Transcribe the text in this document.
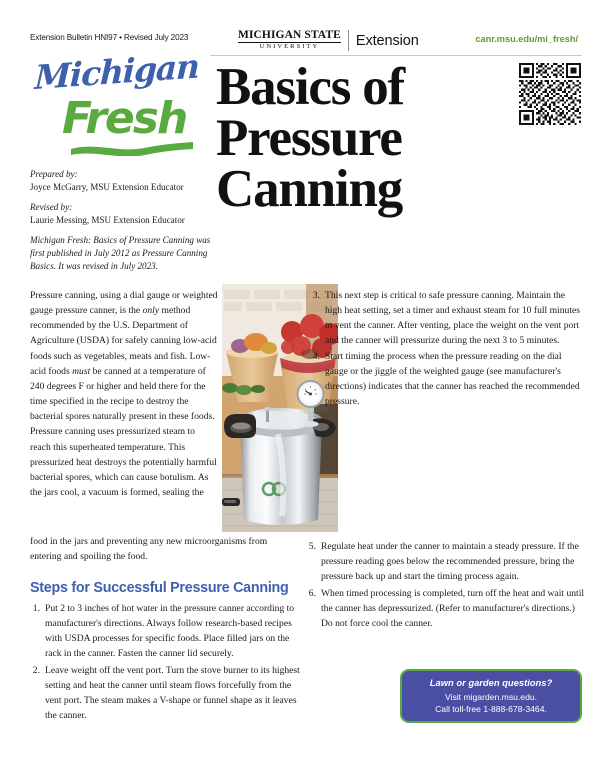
Extension Bulletin HNI97 • Revised July 2023	MICHIGAN STATE
UNIVERSITY	Extension	canr.msu.edu/mi_fresh/
Michigan
Fresh
Prepared by:
Joyce McGarry, MSU Extension Educator
Revised by:
Laurie Messing, MSU Extension Educator
Michigan Fresh: Basics of Pressure Canning was first published in July 2012 as Pressure Canning Basics. It was revised in July 2023.
Basics of Pressure Canning

Pressure canning, using a dial gauge or weighted gauge pressure canner, is the only method recommended by the U.S. Department of Agriculture (USDA) for safely canning low-acid foods such as vegetables, meats and fish. Low-acid foods must be canned at a temperature of 240 degrees F or higher and held there for the time specified in the recipe to destroy the bacterial spores naturally present in these foods. Pressure canning uses pressurized steam to reach this superheated temperature. This pressurized heat destroys the potentially harmful bacterial spores, which can cause botulism. As the jars cool, a vacuum is formed, sealing the

food in the jars and preventing any new microorganisms from entering and spoiling the food.

Steps for Successful Pressure Canning
1. Put 2 to 3 inches of hot water in the pressure canner according to manufacturer's directions. Always follow research-based recipes with USDA processes for specific foods. Place filled jars on the rack in the canner. Fasten the canner lid securely.
2. Leave weight off the vent port. Turn the stove burner to its highest setting and heat the canner until steam flows forcefully from the vent port. The steam makes a V-shape or funnel shape as it leaves the canner.
3. This next step is critical to safe pressure canning. Maintain the high heat setting, set a timer and exhaust steam for 10 full minutes to vent the canner. After venting, place the weight on the vent port and the canner will pressurize during the next 3 to 5 minutes.
4. Start timing the process when the pressure reading on the dial gauge or the jiggle of the weighted gauge (see manufacturer's directions) indicates that the canner has reached the recommended pressure.
5. Regulate heat under the canner to maintain a steady pressure. If the pressure reading goes below the recommended pressure, bring the pressure back up and start the timing process again.
6. When timed processing is completed, turn off the heat and wait until the canner has depressurized. (Refer to manufacturer's directions.) Do not force cool the canner.
Lawn or garden questions?
Visit migarden.msu.edu.
Call toll-free 1-888-678-3464.
